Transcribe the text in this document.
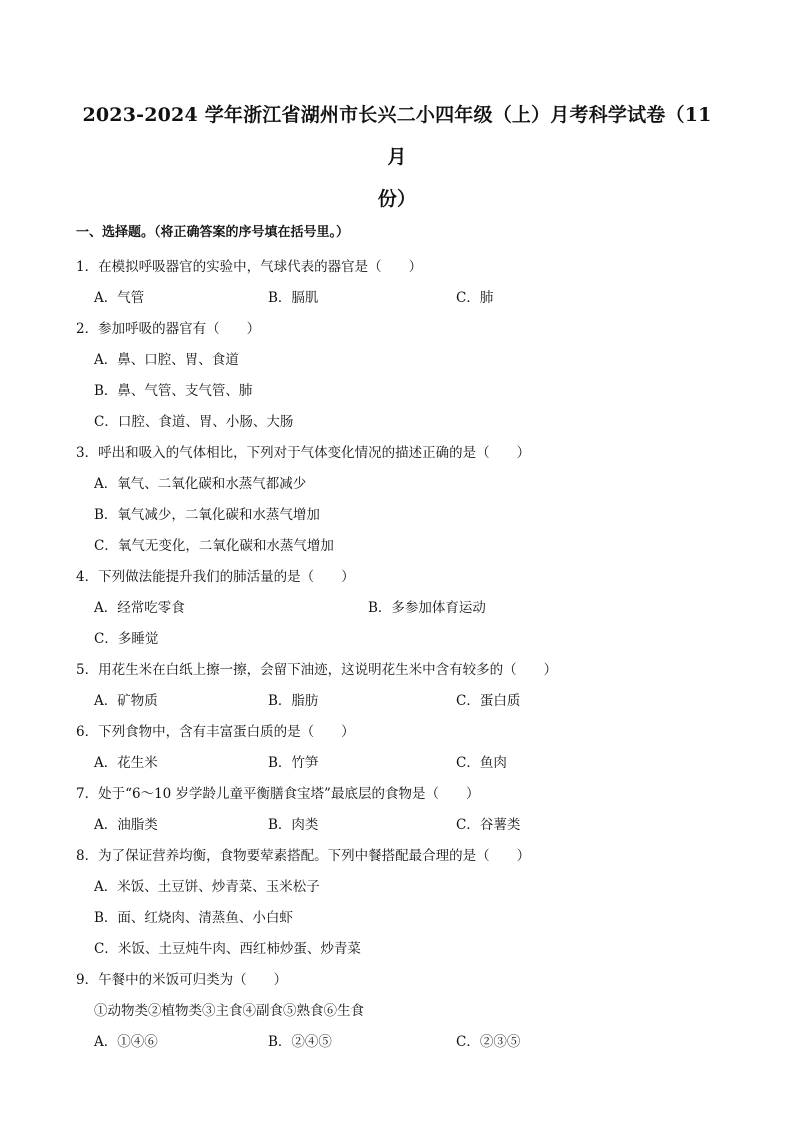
2023-2024 学年浙江省湖州市长兴二小四年级（上）月考科学试卷（11 月
份）
一、选择题。（将正确答案的序号填在括号里。）
1．在模拟呼吸器官的实验中，气球代表的器官是（　　）
A．气管	B．膈肌	C．肺
2．参加呼吸的器官有（　　）
A．鼻、口腔、胃、食道
B．鼻、气管、支气管、肺
C．口腔、食道、胃、小肠、大肠
3．呼出和吸入的气体相比，下列对于气体变化情况的描述正确的是（　　）
A．氧气、二氧化碳和水蒸气都减少
B．氧气减少，二氧化碳和水蒸气增加
C．氧气无变化，二氧化碳和水蒸气增加
4．下列做法能提升我们的肺活量的是（　　）
A．经常吃零食	B．多参加体育运动
C．多睡觉
5．用花生米在白纸上擦一擦，会留下油迹，这说明花生米中含有较多的（　　）
A．矿物质	B．脂肪	C．蛋白质
6．下列食物中，含有丰富蛋白质的是（　　）
A．花生米	B．竹笋	C．鱼肉
7．处于“6～10 岁学龄儿童平衡膳食宝塔”最底层的食物是（　　）
A．油脂类	B．肉类	C．谷薯类
8．为了保证营养均衡，食物要荤素搭配。下列中餐搭配最合理的是（　　）
A．米饭、土豆饼、炒青菜、玉米松子
B．面、红烧肉、清蒸鱼、小白虾
C．米饭、土豆炖牛肉、西红柿炒蛋、炒青菜
9．午餐中的米饭可归类为（　　）
①动物类②植物类③主食④副食⑤熟食⑥生食
A．①④⑥	B．②④⑤	C．②③⑤
